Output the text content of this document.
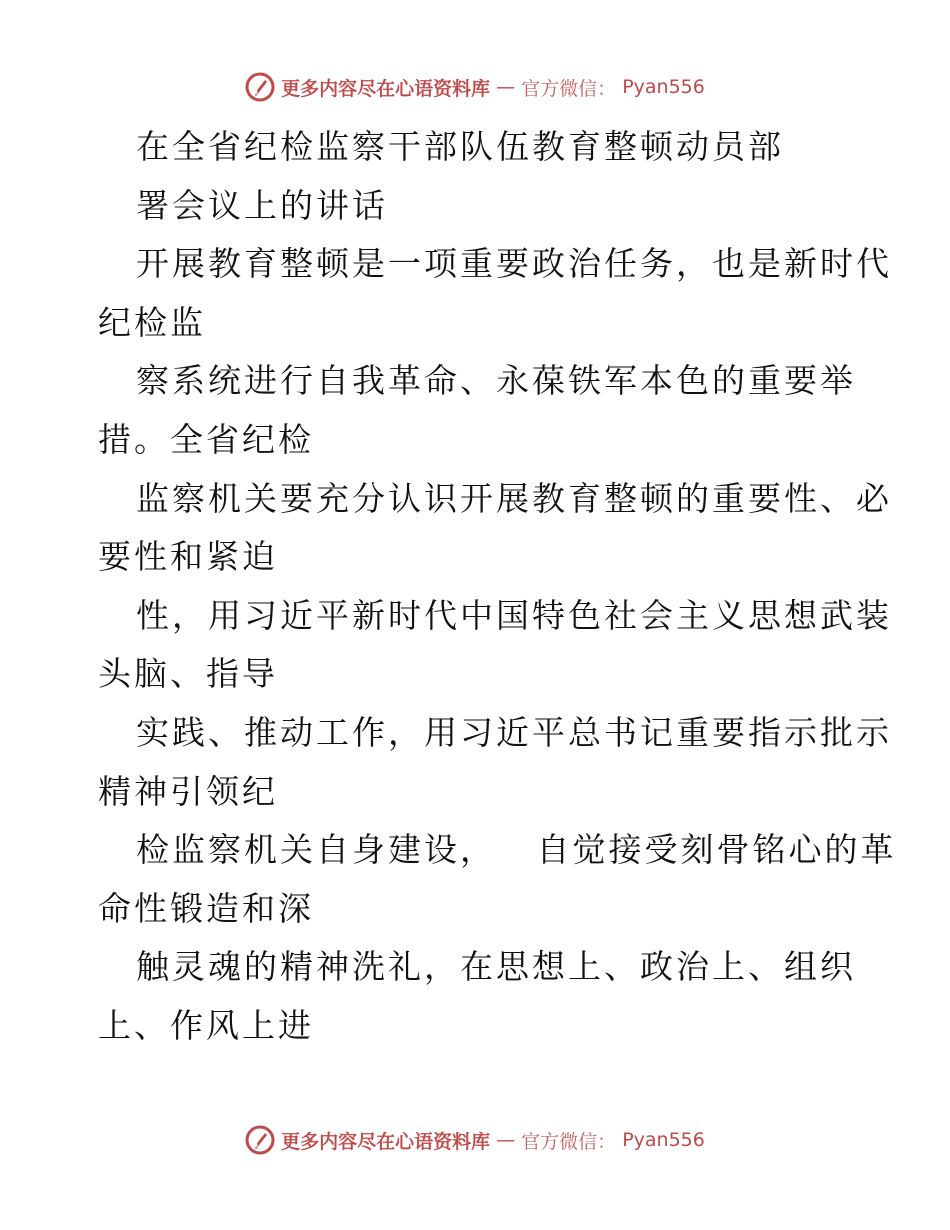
更多内容尽在心语资料库 — 官方微信： Pyan556
在全省纪检监察干部队伍教育整顿动员部
署会议上的讲话
开展教育整顿是一项重要政治任务，也是新时代
纪检监
察系统进行自我革命、永葆铁军本色的重要举
措。全省纪检
监察机关要充分认识开展教育整顿的重要性、必
要性和紧迫
性，用习近平新时代中国特色社会主义思想武装
头脑、指导
实践、推动工作，用习近平总书记重要指示批示
精神引领纪
检监察机关自身建设，   自觉接受刻骨铭心的革
命性锻造和深
触灵魂的精神洗礼，在思想上、政治上、组织
上、作风上进
更多内容尽在心语资料库 — 官方微信： Pyan556
